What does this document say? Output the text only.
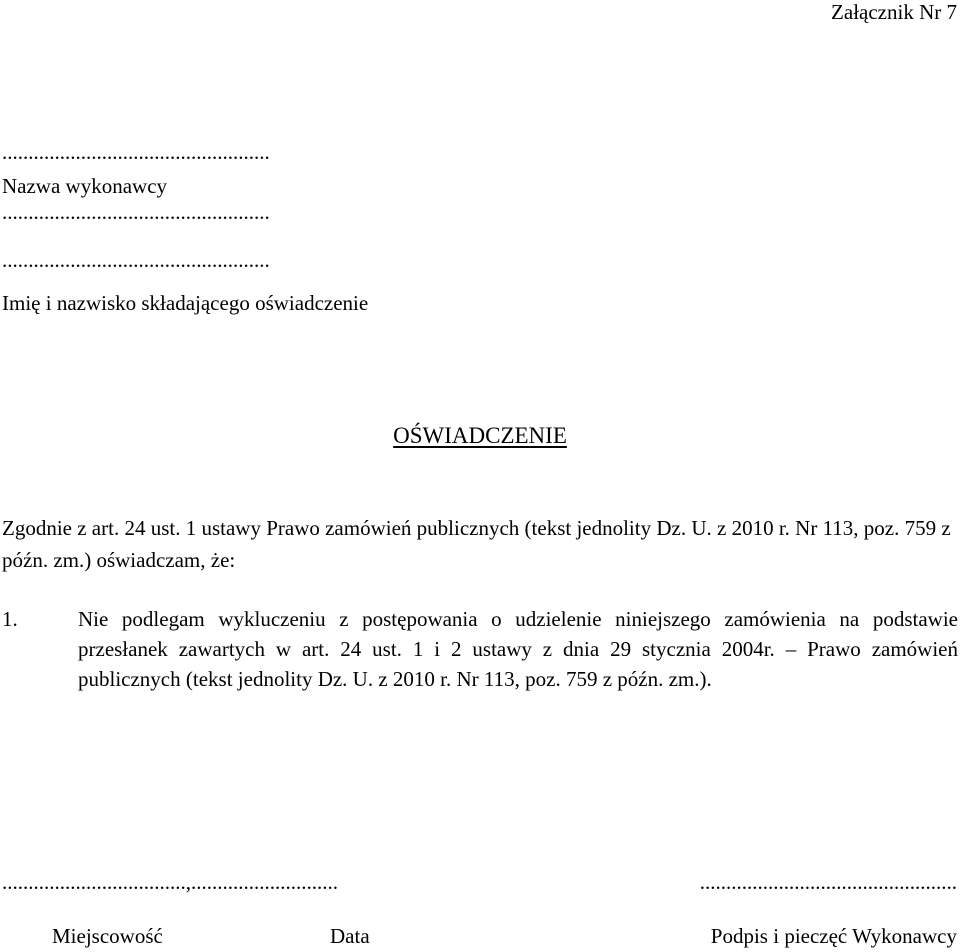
Załącznik Nr 7
...................................................
Nazwa wykonawcy
...................................................
...................................................
Imię i nazwisko składającego oświadczenie
OŚWIADCZENIE

Zgodnie z art. 24 ust. 1 ustawy Prawo zamówień publicznych (tekst jednolity Dz. U. z 2010 r. Nr 113, poz. 759 z późn. zm.) oświadczam, że:

1.	Nie podlegam wykluczeniu z postępowania o udzielenie niniejszego zamówienia na podstawie przesłanek zawartych w art. 24 ust. 1 i 2 ustawy z dnia 29 stycznia 2004r. – Prawo zamówień publicznych (tekst jednolity Dz. U. z 2010 r. Nr 113, poz. 759 z późn. zm.).
...................................,............................	.................................................
Miejscowość	Data	Podpis i pieczęć Wykonawcy
